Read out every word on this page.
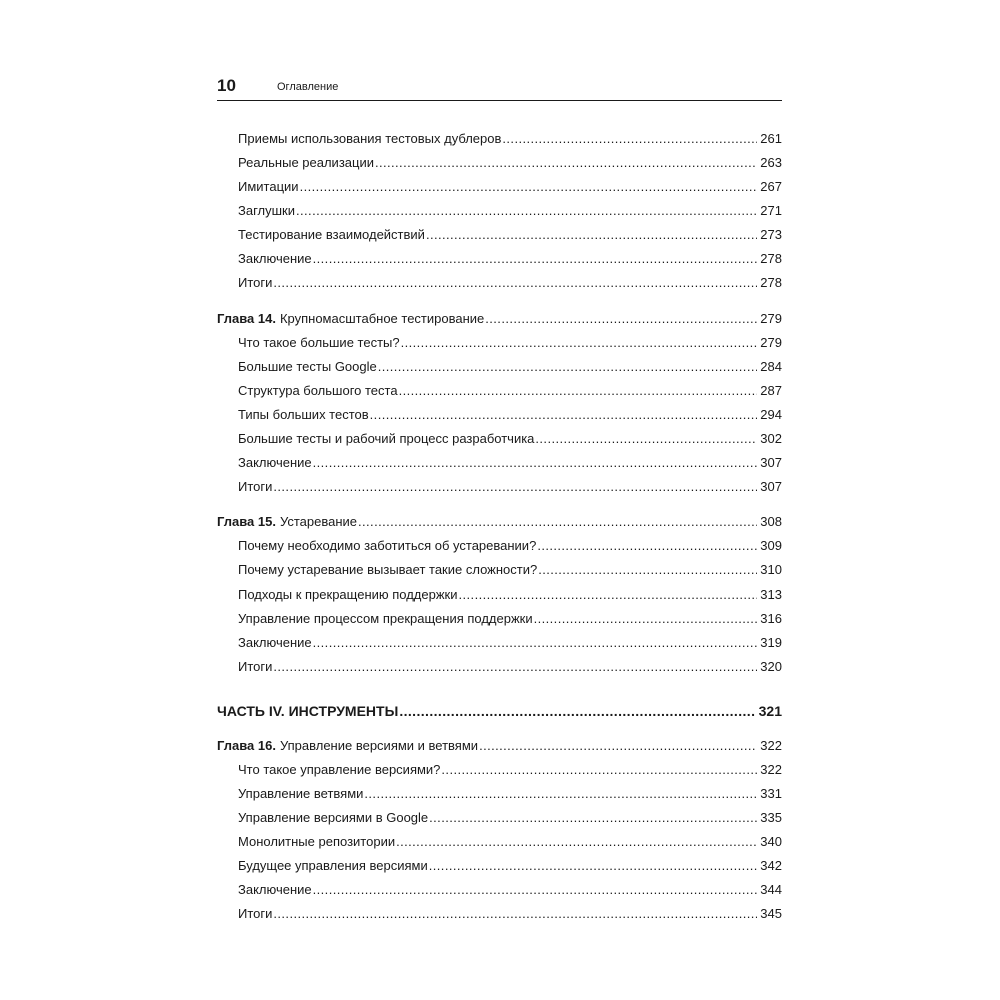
10	Оглавление
Приемы использования тестовых дублеров .....	261
Реальные реализации .....	263
Имитации .....	267
Заглушки .....	271
Тестирование взаимодействий .....	273
Заключение .....	278
Итоги .....	278
Глава 14. Крупномасштабное тестирование .....	279
Что такое большие тесты? .....	279
Большие тесты Google .....	284
Структура большого теста .....	287
Типы больших тестов .....	294
Большие тесты и рабочий процесс разработчика .....	302
Заключение .....	307
Итоги .....	307
Глава 15. Устаревание .....	308
Почему необходимо заботиться об устаревании? .....	309
Почему устаревание вызывает такие сложности? .....	310
Подходы к прекращению поддержки .....	313
Управление процессом прекращения поддержки .....	316
Заключение .....	319
Итоги .....	320
ЧАСТЬ IV. ИНСТРУМЕНТЫ .....	321
Глава 16. Управление версиями и ветвями .....	322
Что такое управление версиями? .....	322
Управление ветвями .....	331
Управление версиями в Google .....	335
Монолитные репозитории .....	340
Будущее управления версиями .....	342
Заключение .....	344
Итоги .....	345
